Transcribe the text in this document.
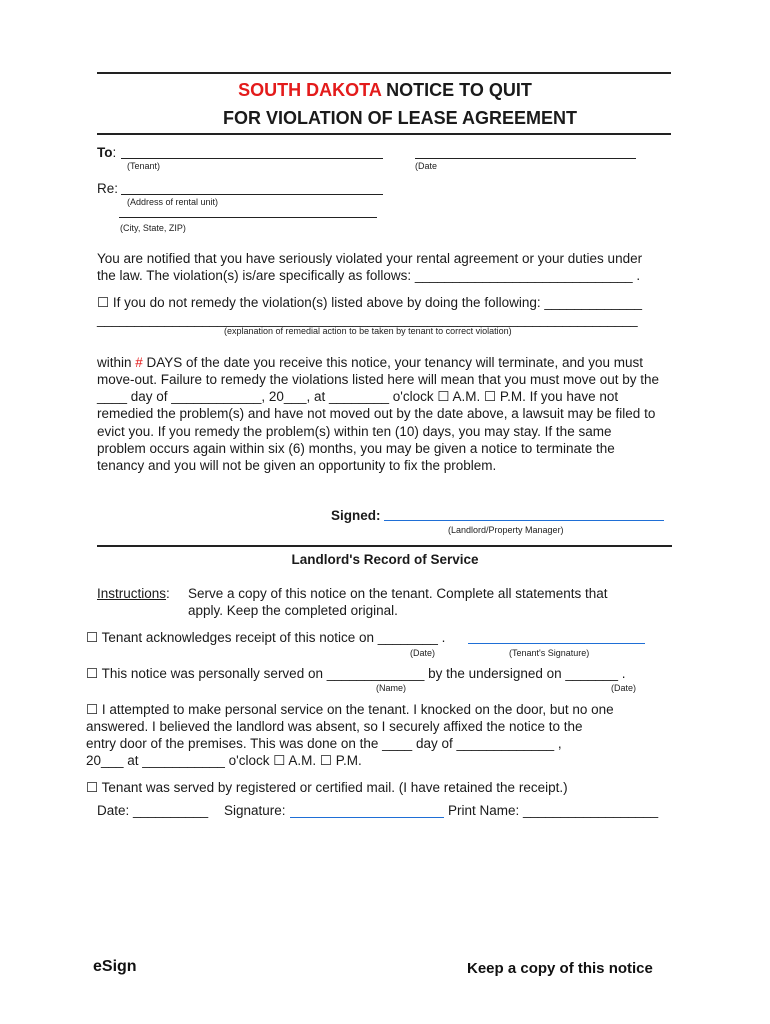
SOUTH DAKOTA NOTICE TO QUIT
FOR VIOLATION OF LEASE AGREEMENT
To:
(Tenant)	(Date
Re:
(Address of rental unit)
(City, State, ZIP)
You are notified that you have seriously violated your rental agreement or your duties under
the law. The violation(s) is/are specifically as follows: _____________________________ .
☐ If you do not remedy the violation(s) listed above by doing the following: _____________
________________________________________________________________________
(explanation of remedial action to be taken by tenant to correct violation)
within # DAYS of the date you receive this notice, your tenancy will terminate, and you must
move-out. Failure to remedy the violations listed here will mean that you must move out by the
____ day of ____________, 20___, at ________ o'clock ☐ A.M. ☐ P.M. If you have not
remedied the problem(s) and have not moved out by the date above, a lawsuit may be filed to
evict you. If you remedy the problem(s) within ten (10) days, you may stay. If the same
problem occurs again within six (6) months, you may be given a notice to terminate the
tenancy and you will not be given an opportunity to fix the problem.
Signed:
(Landlord/Property Manager)
Landlord's Record of Service
Instructions: Serve a copy of this notice on the tenant. Complete all statements that
apply. Keep the completed original.
☐ Tenant acknowledges receipt of this notice on ________ .
(Date)	(Tenant's Signature)
☐ This notice was personally served on _____________ by the undersigned on _______ .
(Name)	(Date)
☐ I attempted to make personal service on the tenant. I knocked on the door, but no one
answered. I believed the landlord was absent, so I securely affixed the notice to the
entry door of the premises. This was done on the ____ day of _____________ ,
20___ at ___________ o'clock ☐ A.M. ☐ P.M.
☐ Tenant was served by registered or certified mail. (I have retained the receipt.)
Date: __________ Signature:	Print Name: __________________
eSign	Keep a copy of this notice
